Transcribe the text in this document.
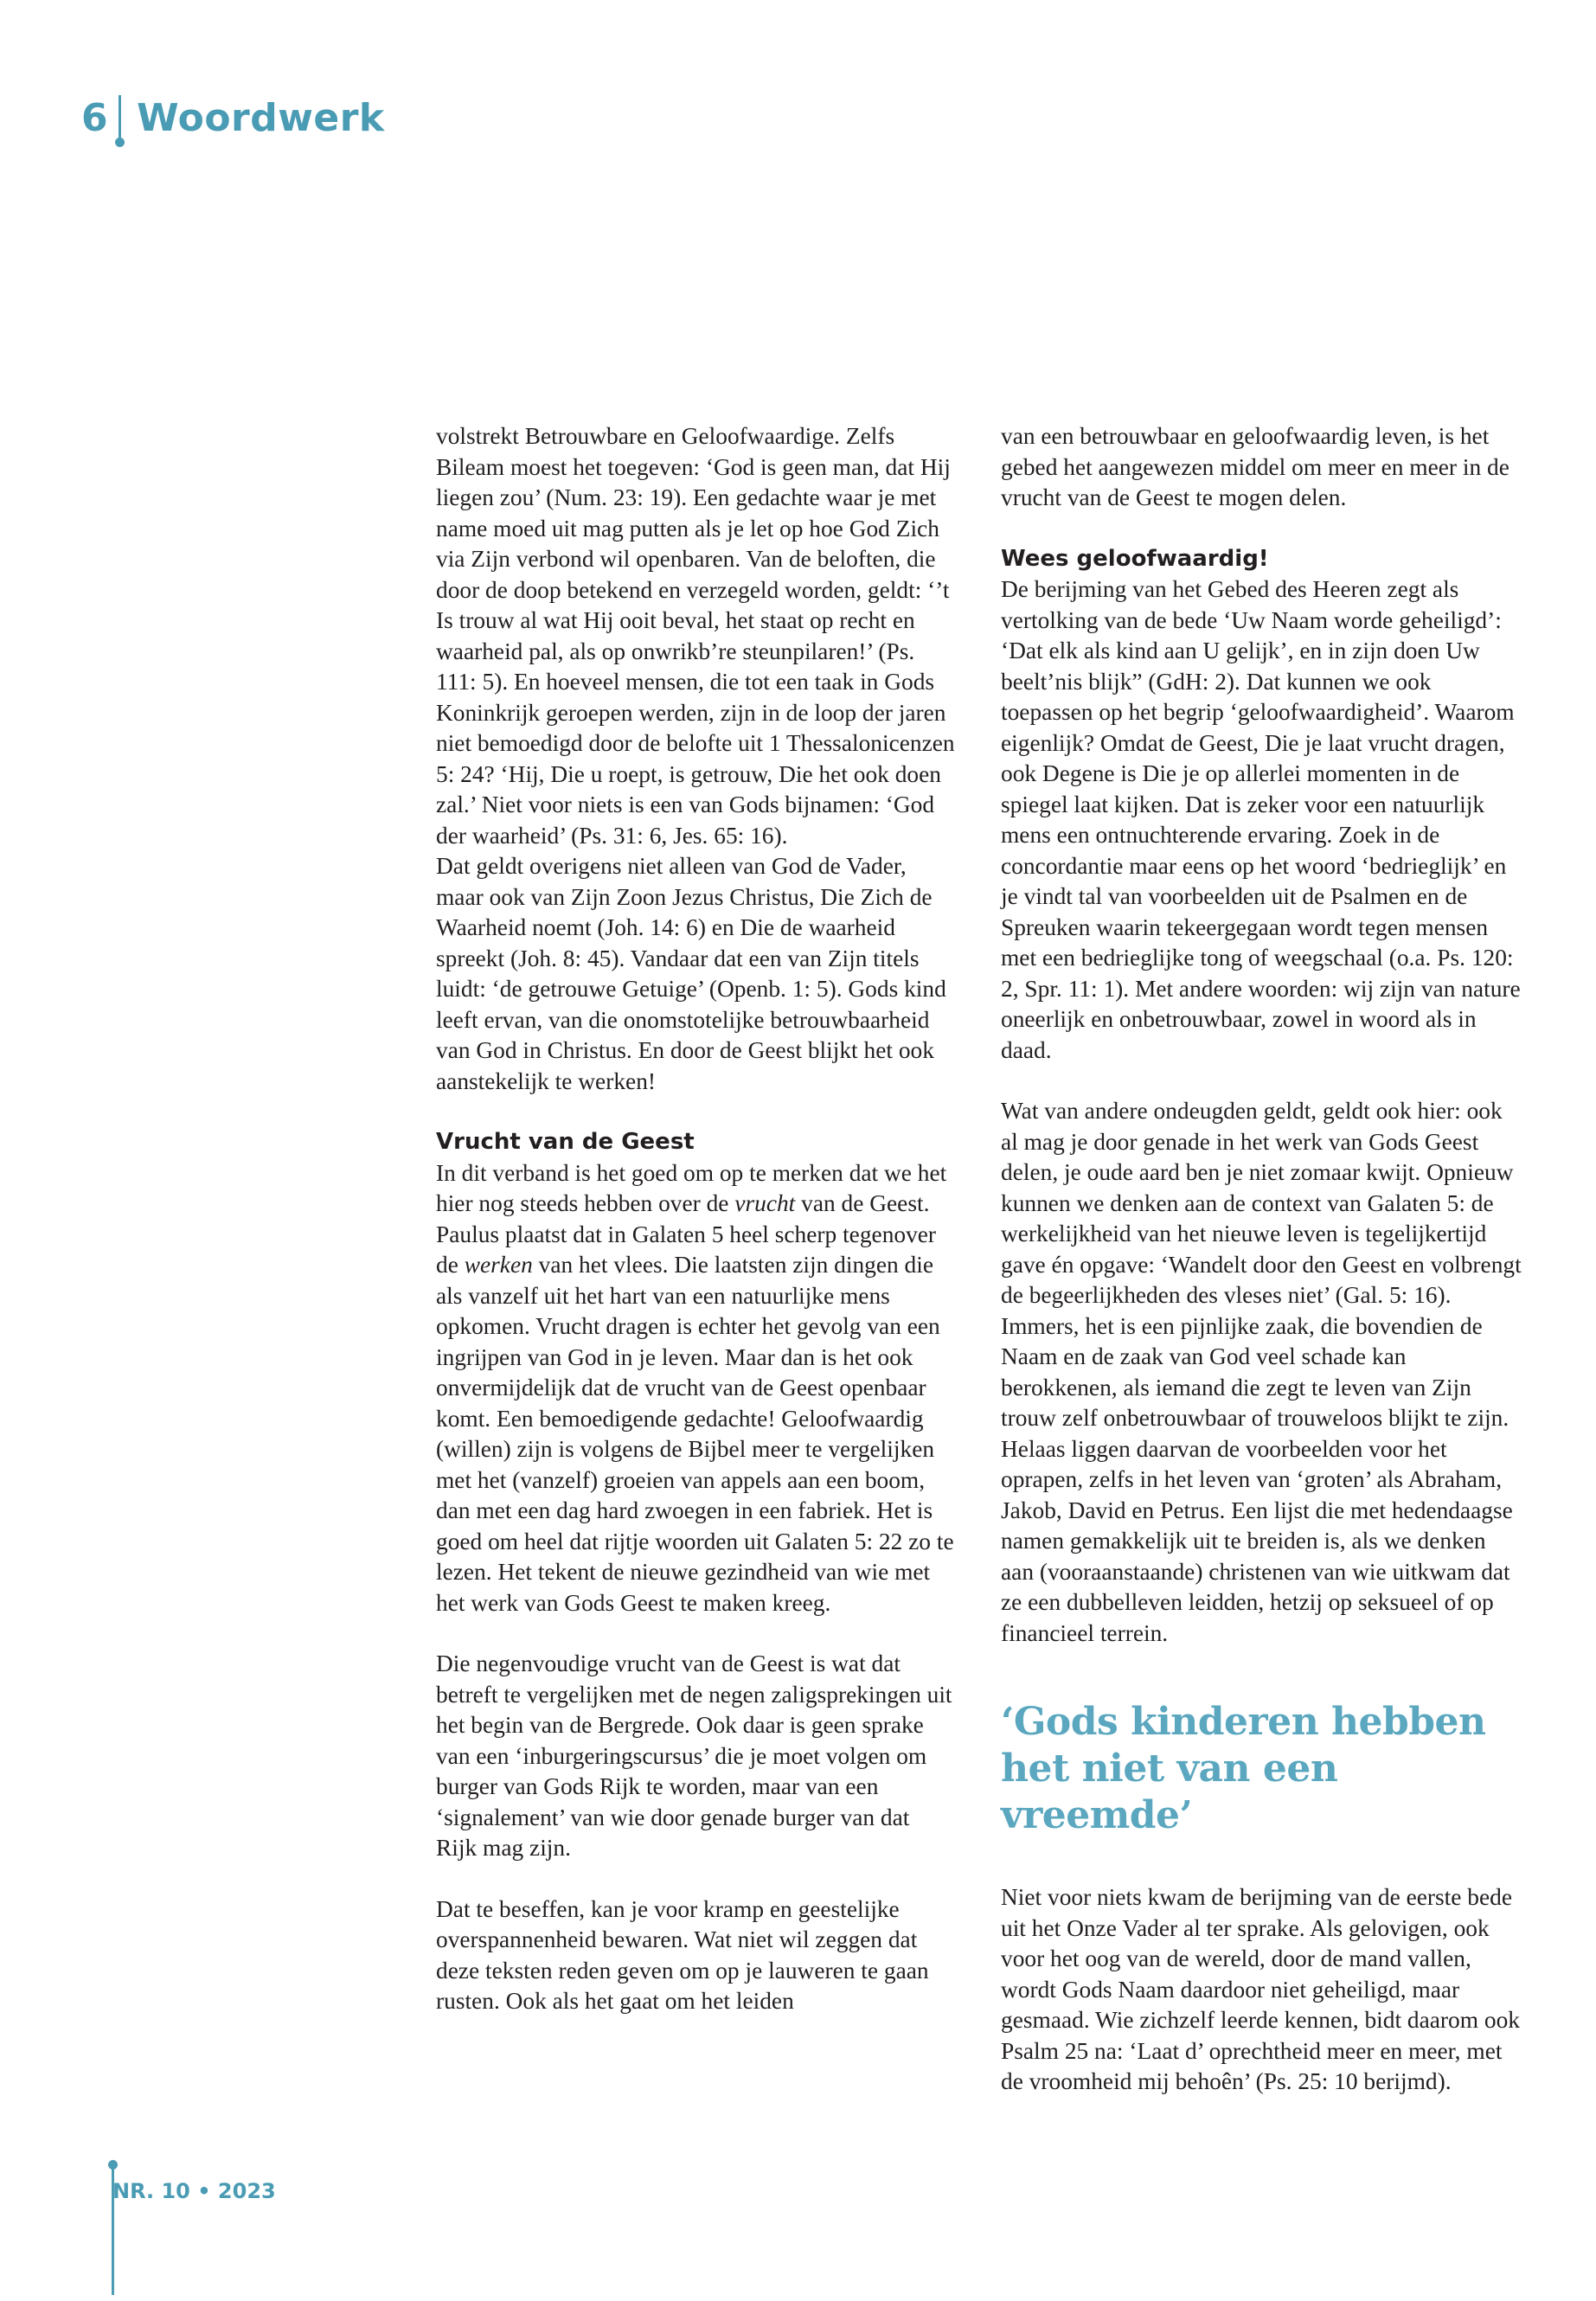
6 Woordwerk

volstrekt Betrouwbare en Geloofwaardige. Zelfs Bileam moest het toegeven: ‘God is geen man, dat Hij liegen zou’ (Num. 23: 19). Een gedachte waar je met name moed uit mag putten als je let op hoe God Zich via Zijn verbond wil openbaren. Van de beloften, die door de doop betekend en verzegeld worden, geldt: ‘’t Is trouw al wat Hij ooit beval, het staat op recht en waarheid pal, als op onwrikb’re steunpilaren!’ (Ps. 111: 5). En hoeveel mensen, die tot een taak in Gods Koninkrijk geroepen werden, zijn in de loop der jaren niet bemoedigd door de belofte uit 1 Thessalonicenzen 5: 24? ‘Hij, Die u roept, is getrouw, Die het ook doen zal.’ Niet voor niets is een van Gods bijnamen: ‘God der waarheid’ (Ps. 31: 6, Jes. 65: 16).

Dat geldt overigens niet alleen van God de Vader, maar ook van Zijn Zoon Jezus Christus, Die Zich de Waarheid noemt (Joh. 14: 6) en Die de waarheid spreekt (Joh. 8: 45). Vandaar dat een van Zijn titels luidt: ‘de getrouwe Getuige’ (Openb. 1: 5). Gods kind leeft ervan, van die onomstotelijke betrouwbaarheid van God in Christus. En door de Geest blijkt het ook aanstekelijk te werken!

Vrucht van de Geest

In dit verband is het goed om op te merken dat we het hier nog steeds hebben over de vrucht van de Geest. Paulus plaatst dat in Galaten 5 heel scherp tegenover de werken van het vlees. Die laatsten zijn dingen die als vanzelf uit het hart van een natuurlijke mens opkomen. Vrucht dragen is echter het gevolg van een ingrijpen van God in je leven. Maar dan is het ook onvermijdelijk dat de vrucht van de Geest openbaar komt. Een bemoedigende gedachte! Geloofwaardig (willen) zijn is volgens de Bijbel meer te vergelijken met het (vanzelf) groeien van appels aan een boom, dan met een dag hard zwoegen in een fabriek. Het is goed om heel dat rijtje woorden uit Galaten 5: 22 zo te lezen. Het tekent de nieuwe gezindheid van wie met het werk van Gods Geest te maken kreeg.

Die negenvoudige vrucht van de Geest is wat dat betreft te vergelijken met de negen zaligsprekingen uit het begin van de Bergrede. Ook daar is geen sprake van een ‘inburgeringscursus’ die je moet volgen om burger van Gods Rijk te worden, maar van een ‘signalement’ van wie door genade burger van dat Rijk mag zijn.

Dat te beseffen, kan je voor kramp en geestelijke overspannenheid bewaren. Wat niet wil zeggen dat deze teksten reden geven om op je lauweren te gaan rusten. Ook als het gaat om het leiden

van een betrouwbaar en geloofwaardig leven, is het gebed het aangewezen middel om meer en meer in de vrucht van de Geest te mogen delen.

Wees geloofwaardig!

De berijming van het Gebed des Heeren zegt als vertolking van de bede ‘Uw Naam worde geheiligd’: ‘Dat elk als kind aan U gelijk’, en in zijn doen Uw beelt’nis blijk” (GdH: 2). Dat kunnen we ook toepassen op het begrip ‘geloofwaardigheid’. Waarom eigenlijk? Omdat de Geest, Die je laat vrucht dragen, ook Degene is Die je op allerlei momenten in de spiegel laat kijken. Dat is zeker voor een natuurlijk mens een ontnuchterende ervaring. Zoek in de concordantie maar eens op het woord ‘bedrieglijk’ en je vindt tal van voorbeelden uit de Psalmen en de Spreuken waarin tekeergegaan wordt tegen mensen met een bedrieglijke tong of weegschaal (o.a. Ps. 120: 2, Spr. 11: 1). Met andere woorden: wij zijn van nature oneerlijk en onbetrouwbaar, zowel in woord als in daad.

Wat van andere ondeugden geldt, geldt ook hier: ook al mag je door genade in het werk van Gods Geest delen, je oude aard ben je niet zomaar kwijt. Opnieuw kunnen we denken aan de context van Galaten 5: de werkelijkheid van het nieuwe leven is tegelijkertijd gave én opgave: ‘Wandelt door den Geest en volbrengt de begeerlijkheden des vleses niet’ (Gal. 5: 16). Immers, het is een pijnlijke zaak, die bovendien de Naam en de zaak van God veel schade kan berokkenen, als iemand die zegt te leven van Zijn trouw zelf onbetrouwbaar of trouweloos blijkt te zijn. Helaas liggen daarvan de voorbeelden voor het oprapen, zelfs in het leven van ‘groten’ als Abraham, Jakob, David en Petrus. Een lijst die met hedendaagse namen gemakkelijk uit te breiden is, als we denken aan (vooraanstaande) christenen van wie uitkwam dat ze een dubbelleven leidden, hetzij op seksueel of op financieel terrein.

‘Gods kinderen hebben het niet van een vreemde’

Niet voor niets kwam de berijming van de eerste bede uit het Onze Vader al ter sprake. Als gelovigen, ook voor het oog van de wereld, door de mand vallen, wordt Gods Naam daardoor niet geheiligd, maar gesmaad. Wie zichzelf leerde kennen, bidt daarom ook Psalm 25 na: ‘Laat d’ oprechtheid meer en meer, met de vroomheid mij behoên’ (Ps. 25: 10 berijmd).

NR. 10 • 2023
